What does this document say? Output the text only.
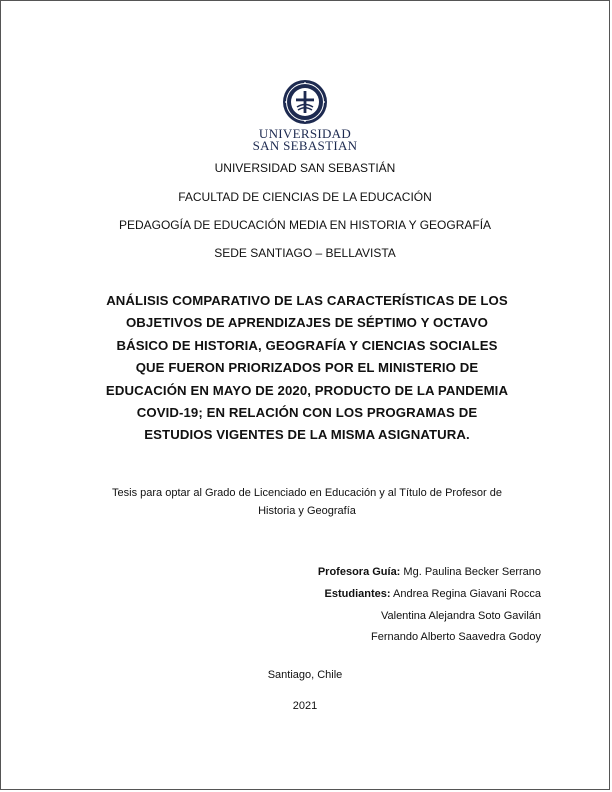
UNIVERSIDAD
SAN SEBASTIAN
UNIVERSIDAD SAN SEBASTIÁN
FACULTAD DE CIENCIAS DE LA EDUCACIÓN
PEDAGOGÍA DE EDUCACIÓN MEDIA EN HISTORIA Y GEOGRAFÍA
SEDE SANTIAGO – BELLAVISTA
ANÁLISIS COMPARATIVO DE LAS CARACTERÍSTICAS DE LOS
OBJETIVOS DE APRENDIZAJES DE SÉPTIMO Y OCTAVO
BÁSICO DE HISTORIA, GEOGRAFÍA Y CIENCIAS SOCIALES
QUE FUERON PRIORIZADOS POR EL MINISTERIO DE
EDUCACIÓN EN MAYO DE 2020, PRODUCTO DE LA PANDEMIA
COVID-19; EN RELACIÓN CON LOS PROGRAMAS DE
ESTUDIOS VIGENTES DE LA MISMA ASIGNATURA.
Tesis para optar al Grado de Licenciado en Educación y al Título de Profesor de
Historia y Geografía
Profesora Guía: Mg. Paulina Becker Serrano
Estudiantes: Andrea Regina Giavani Rocca
Valentina Alejandra Soto Gavilán
Fernando Alberto Saavedra Godoy
Santiago, Chile
2021
